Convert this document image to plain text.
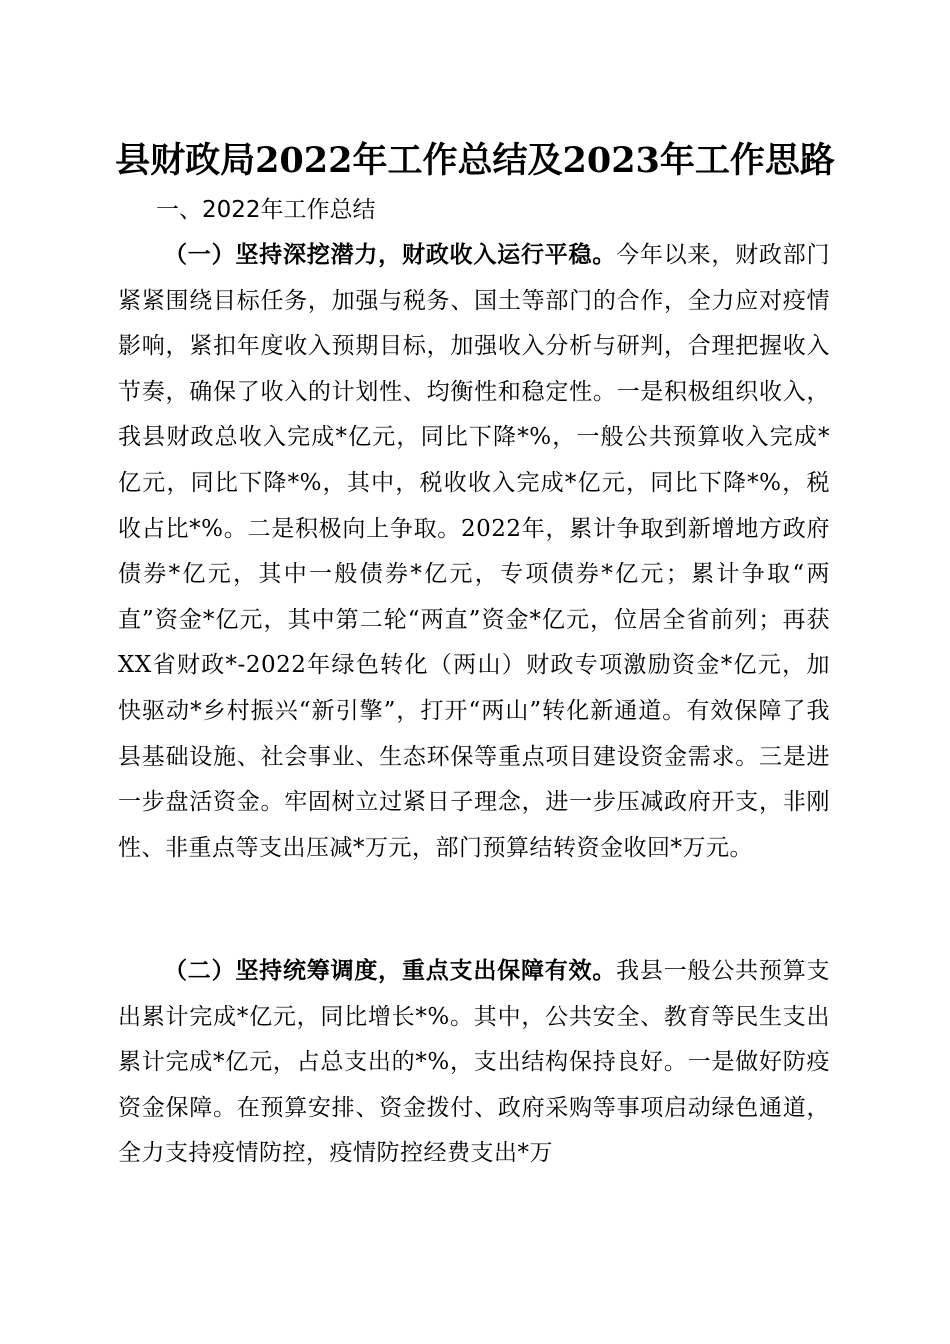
县财政局2022年工作总结及2023年工作思路
一、2022年工作总结
（一）坚持深挖潜力，财政收入运行平稳。今年以来，财政部门紧紧围绕目标任务，加强与税务、国土等部门的合作，全力应对疫情影响，紧扣年度收入预期目标，加强收入分析与研判，合理把握收入节奏，确保了收入的计划性、均衡性和稳定性。一是积极组织收入，我县财政总收入完成*亿元，同比下降*%，一般公共预算收入完成*亿元，同比下降*%，其中，税收收入完成*亿元，同比下降*%，税收占比*%。二是积极向上争取。2022年，累计争取到新增地方政府债券*亿元，其中一般债券*亿元，专项债券*亿元；累计争取“两直”资金*亿元，其中第二轮“两直”资金*亿元，位居全省前列；再获XX省财政*-2022年绿色转化（两山）财政专项激励资金*亿元，加快驱动*乡村振兴“新引擎”，打开“两山”转化新通道。有效保障了我县基础设施、社会事业、生态环保等重点项目建设资金需求。三是进一步盘活资金。牢固树立过紧日子理念，进一步压减政府开支，非刚性、非重点等支出压减*万元，部门预算结转资金收回*万元。
（二）坚持统筹调度，重点支出保障有效。我县一般公共预算支出累计完成*亿元，同比增长*%。其中，公共安全、教育等民生支出累计完成*亿元，占总支出的*%，支出结构保持良好。一是做好防疫资金保障。在预算安排、资金拨付、政府采购等事项启动绿色通道，全力支持疫情防控，疫情防控经费支出*万
